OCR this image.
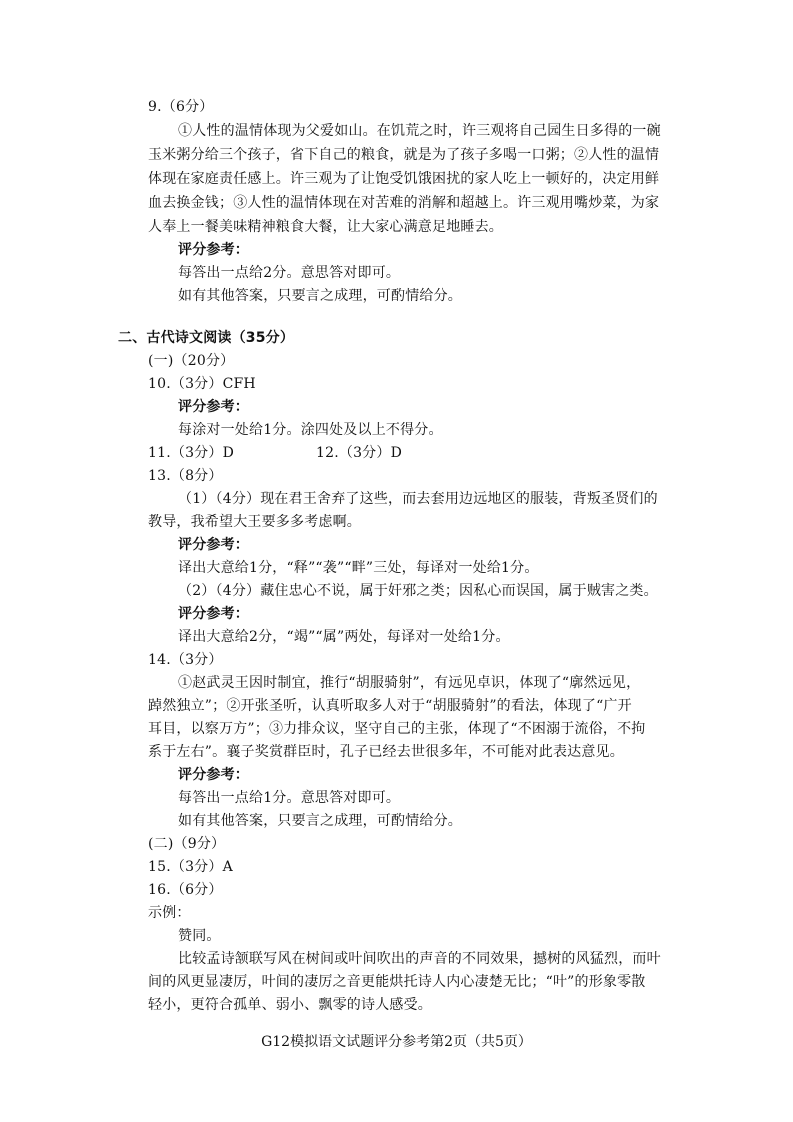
9.（6分）
①人性的温情体现为父爱如山。在饥荒之时，许三观将自己园生日多得的一碗
玉米粥分给三个孩子，省下自己的粮食，就是为了孩子多喝一口粥；②人性的温情
体现在家庭责任感上。许三观为了让饱受饥饿困扰的家人吃上一顿好的，决定用鲜
血去换金钱；③人性的温情体现在对苦难的消解和超越上。许三观用嘴炒菜，为家
人奉上一餐美味精神粮食大餐，让大家心满意足地睡去。
评分参考：
每答出一点给2分。意思答对即可。
如有其他答案，只要言之成理，可酌情给分。
二、古代诗文阅读（35分）
(一)（20分）
10.（3分）CFH
评分参考：
每涂对一处给1分。涂四处及以上不得分。
11.（3分）D	12.（3分）D
13.（8分）
（1）（4分）现在君王舍弃了这些，而去套用边远地区的服装，背叛圣贤们的
教导，我希望大王要多多考虑啊。
评分参考：
译出大意给1分，“释”“袭”“畔”三处，每译对一处给1分。
（2）（4分）藏住忠心不说，属于奸邪之类；因私心而误国，属于贼害之类。
评分参考：
译出大意给2分，“竭”“属”两处，每译对一处给1分。
14.（3分）
①赵武灵王因时制宜，推行“胡服骑射”，有远见卓识，体现了“廓然远见，
踔然独立”；②开张圣听，认真听取多人对于“胡服骑射”的看法，体现了“广开
耳目，以察万方”；③力排众议，坚守自己的主张，体现了“不困溺于流俗，不拘
系于左右”。襄子奖赏群臣时，孔子已经去世很多年，不可能对此表达意见。
评分参考：
每答出一点给1分。意思答对即可。
如有其他答案，只要言之成理，可酌情给分。
(二)（9分）
15.（3分）A
16.（6分）
示例：
赞同。
比较孟诗颔联写风在树间或叶间吹出的声音的不同效果，撼树的风猛烈，而叶
间的风更显凄厉，叶间的凄厉之音更能烘托诗人内心凄楚无比；“叶”的形象零散
轻小，更符合孤单、弱小、飘零的诗人感受。
G12模拟语文试题评分参考第2页（共5页）
